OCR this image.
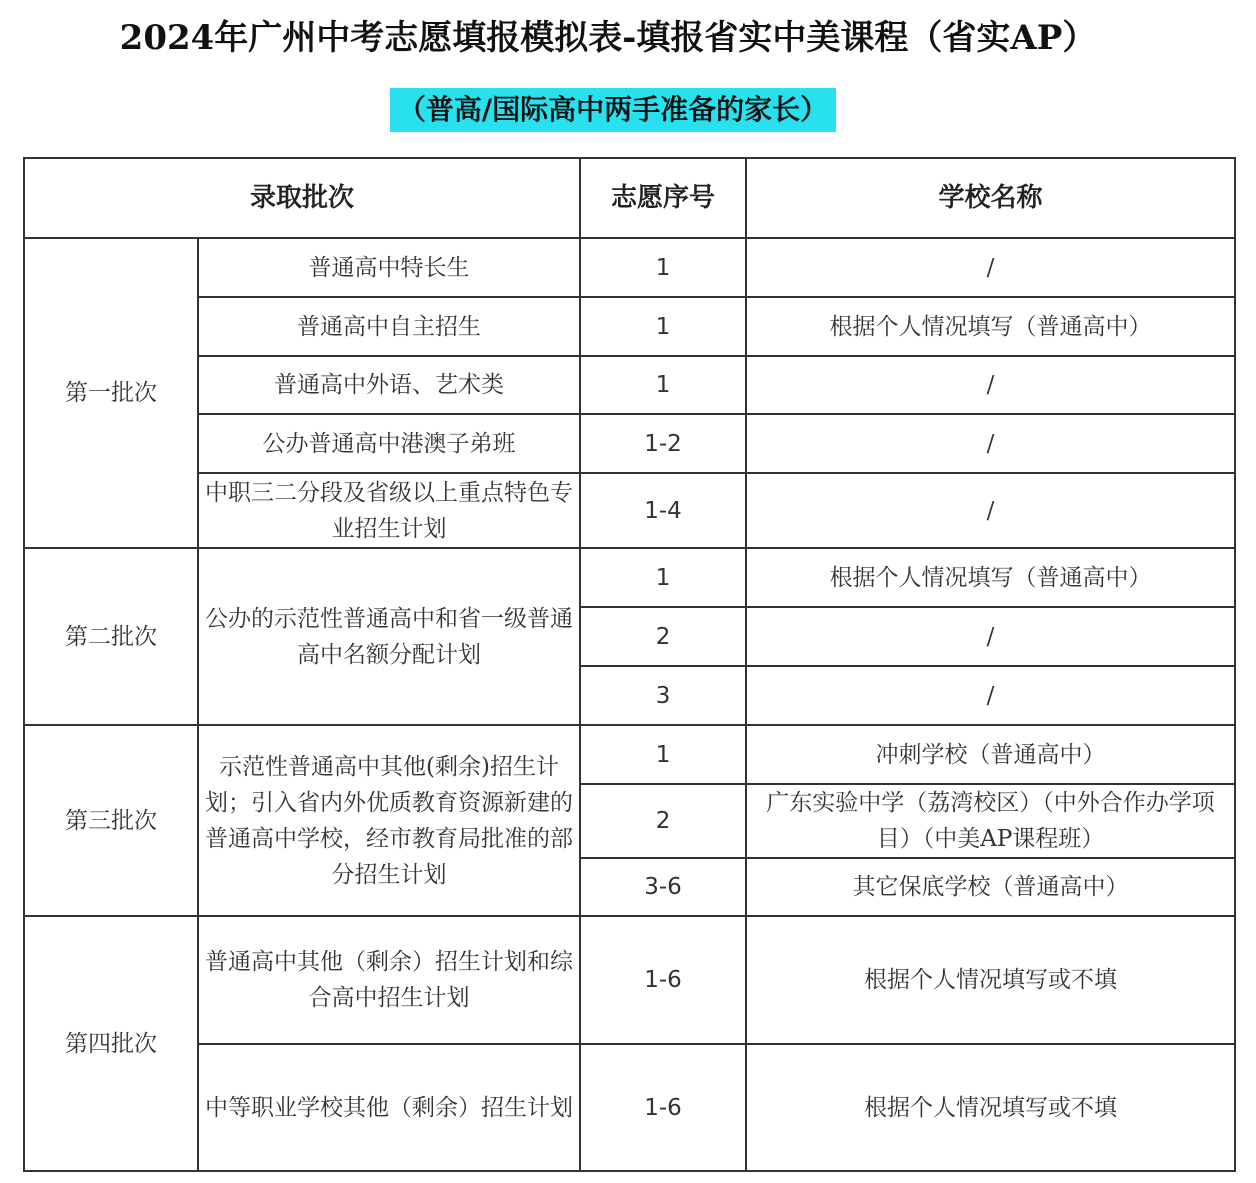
2024年广州中考志愿填报模拟表-填报省实中美课程（省实AP）
（普高/国际高中两手准备的家长）
录取批次		志愿序号	学校名称
第一批次	普通高中特长生	1	/
	普通高中自主招生	1	根据个人情况填写（普通高中）
	普通高中外语、艺术类	1	/
	公办普通高中港澳子弟班	1-2	/
	中职三二分段及省级以上重点特色专业招生计划	1-4	/
第二批次	公办的示范性普通高中和省一级普通高中名额分配计划	1	根据个人情况填写（普通高中）
		2	/
		3	/
第三批次	示范性普通高中其他(剩余)招生计划；引入省内外优质教育资源新建的普通高中学校，经市教育局批准的部分招生计划	1	冲刺学校（普通高中）
		2	广东实验中学（荔湾校区）（中外合作办学项目）（中美AP课程班）
		3-6	其它保底学校（普通高中）
第四批次	普通高中其他（剩余）招生计划和综合高中招生计划	1-6	根据个人情况填写或不填
	中等职业学校其他（剩余）招生计划	1-6	根据个人情况填写或不填
